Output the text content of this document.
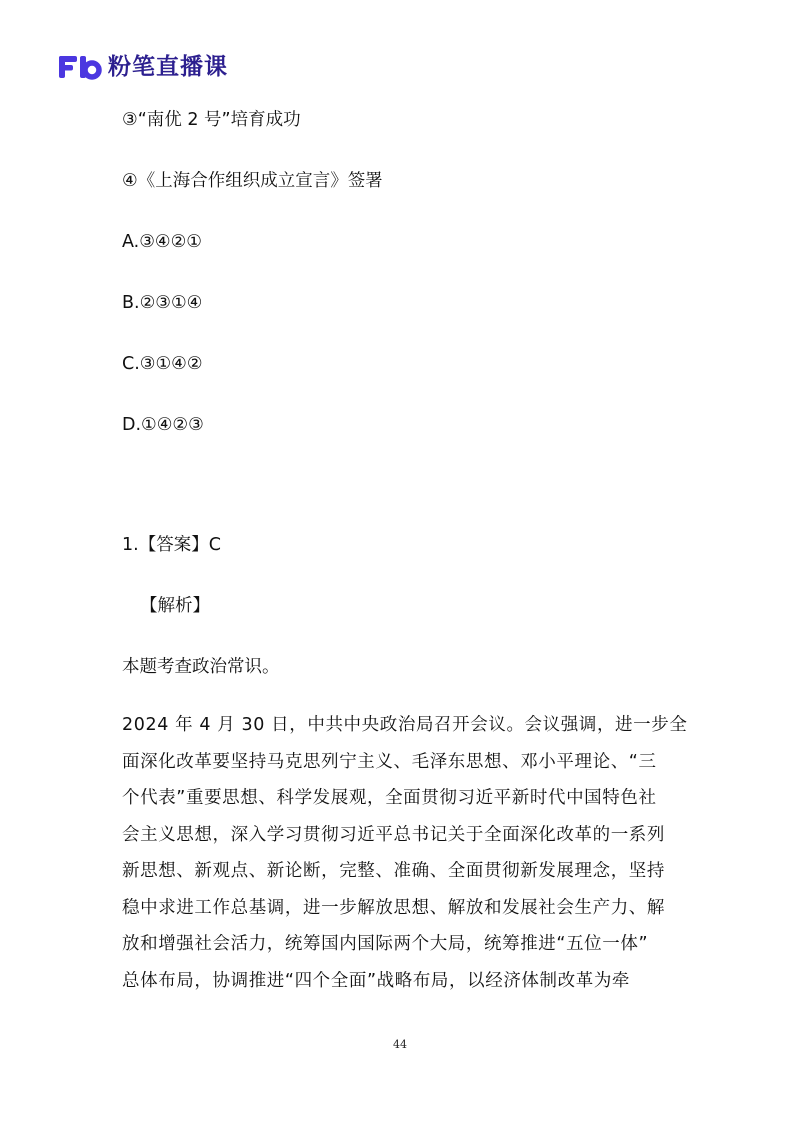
粉笔直播课
③“南优 2 号”培育成功
④《上海合作组织成立宣言》签署
A.③④②①
B.②③①④
C.③①④②
D.①④②③
1.【答案】C
【解析】
本题考查政治常识。
2024 年 4 月 30 日，中共中央政治局召开会议。会议强调，进一步全
面深化改革要坚持马克思列宁主义、毛泽东思想、邓小平理论、“三
个代表”重要思想、科学发展观，全面贯彻习近平新时代中国特色社
会主义思想，深入学习贯彻习近平总书记关于全面深化改革的一系列
新思想、新观点、新论断，完整、准确、全面贯彻新发展理念，坚持
稳中求进工作总基调，进一步解放思想、解放和发展社会生产力、解
放和增强社会活力，统筹国内国际两个大局，统筹推进“五位一体”
总体布局，协调推进“四个全面”战略布局，以经济体制改革为牵
44
